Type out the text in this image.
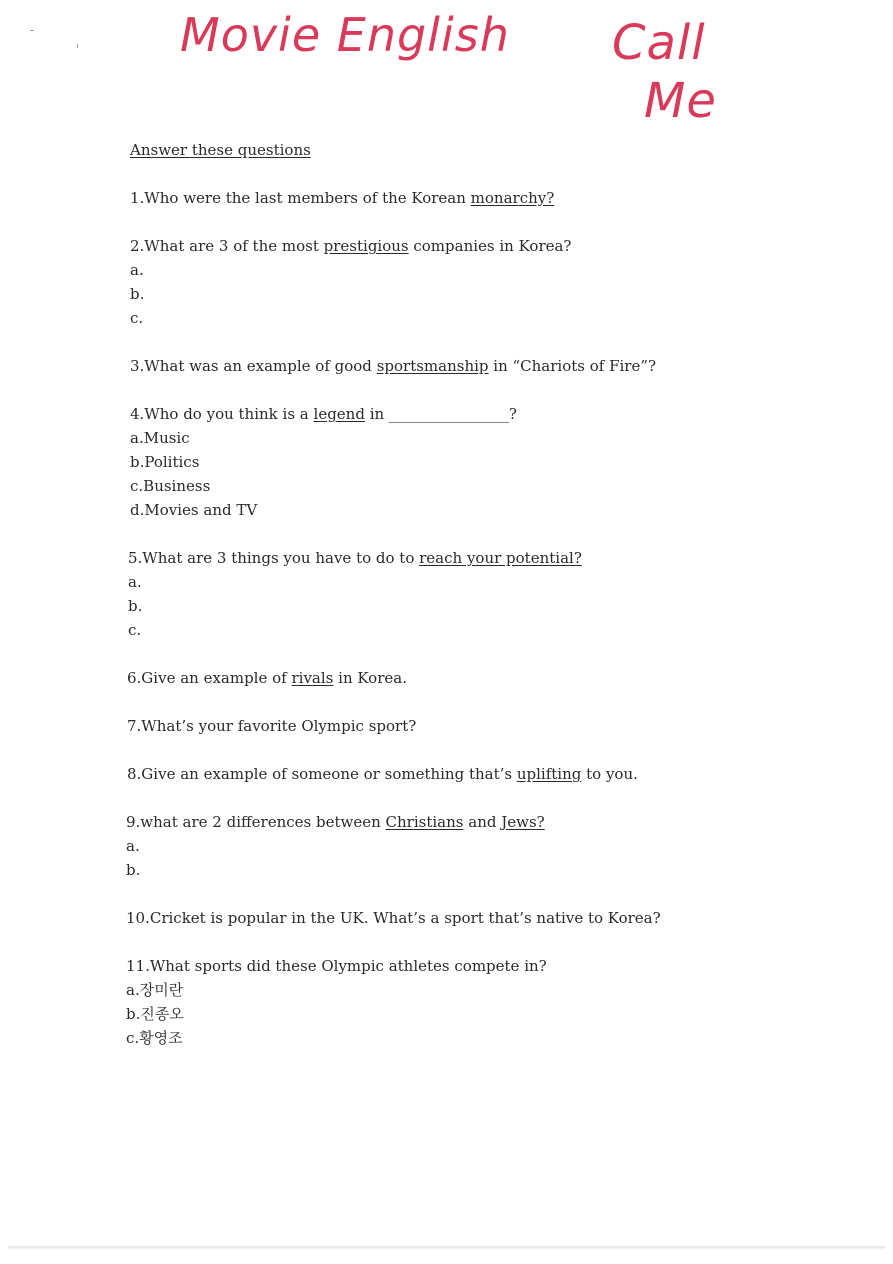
Movie English Call
Me
Answer these questions
1.Who were the last members of the Korean monarchy?
2.What are 3 of the most prestigious companies in Korea?
a.
b.
c.
3.What was an example of good sportsmanship in “Chariots of Fire”?
4.Who do you think is a legend in ________________?
a.Music
b.Politics
c.Business
d.Movies and TV
5.What are 3 things you have to do to reach your potential?
a.
b.
c.
6.Give an example of rivals in Korea.
7.What’s your favorite Olympic sport?
8.Give an example of someone or something that’s uplifting to you.
9.what are 2 differences between Christians and Jews?
a.
b.
10.Cricket is popular in the UK. What’s a sport that’s native to Korea?
11.What sports did these Olympic athletes compete in?
a.장미란
b.진종오
c.황영조
